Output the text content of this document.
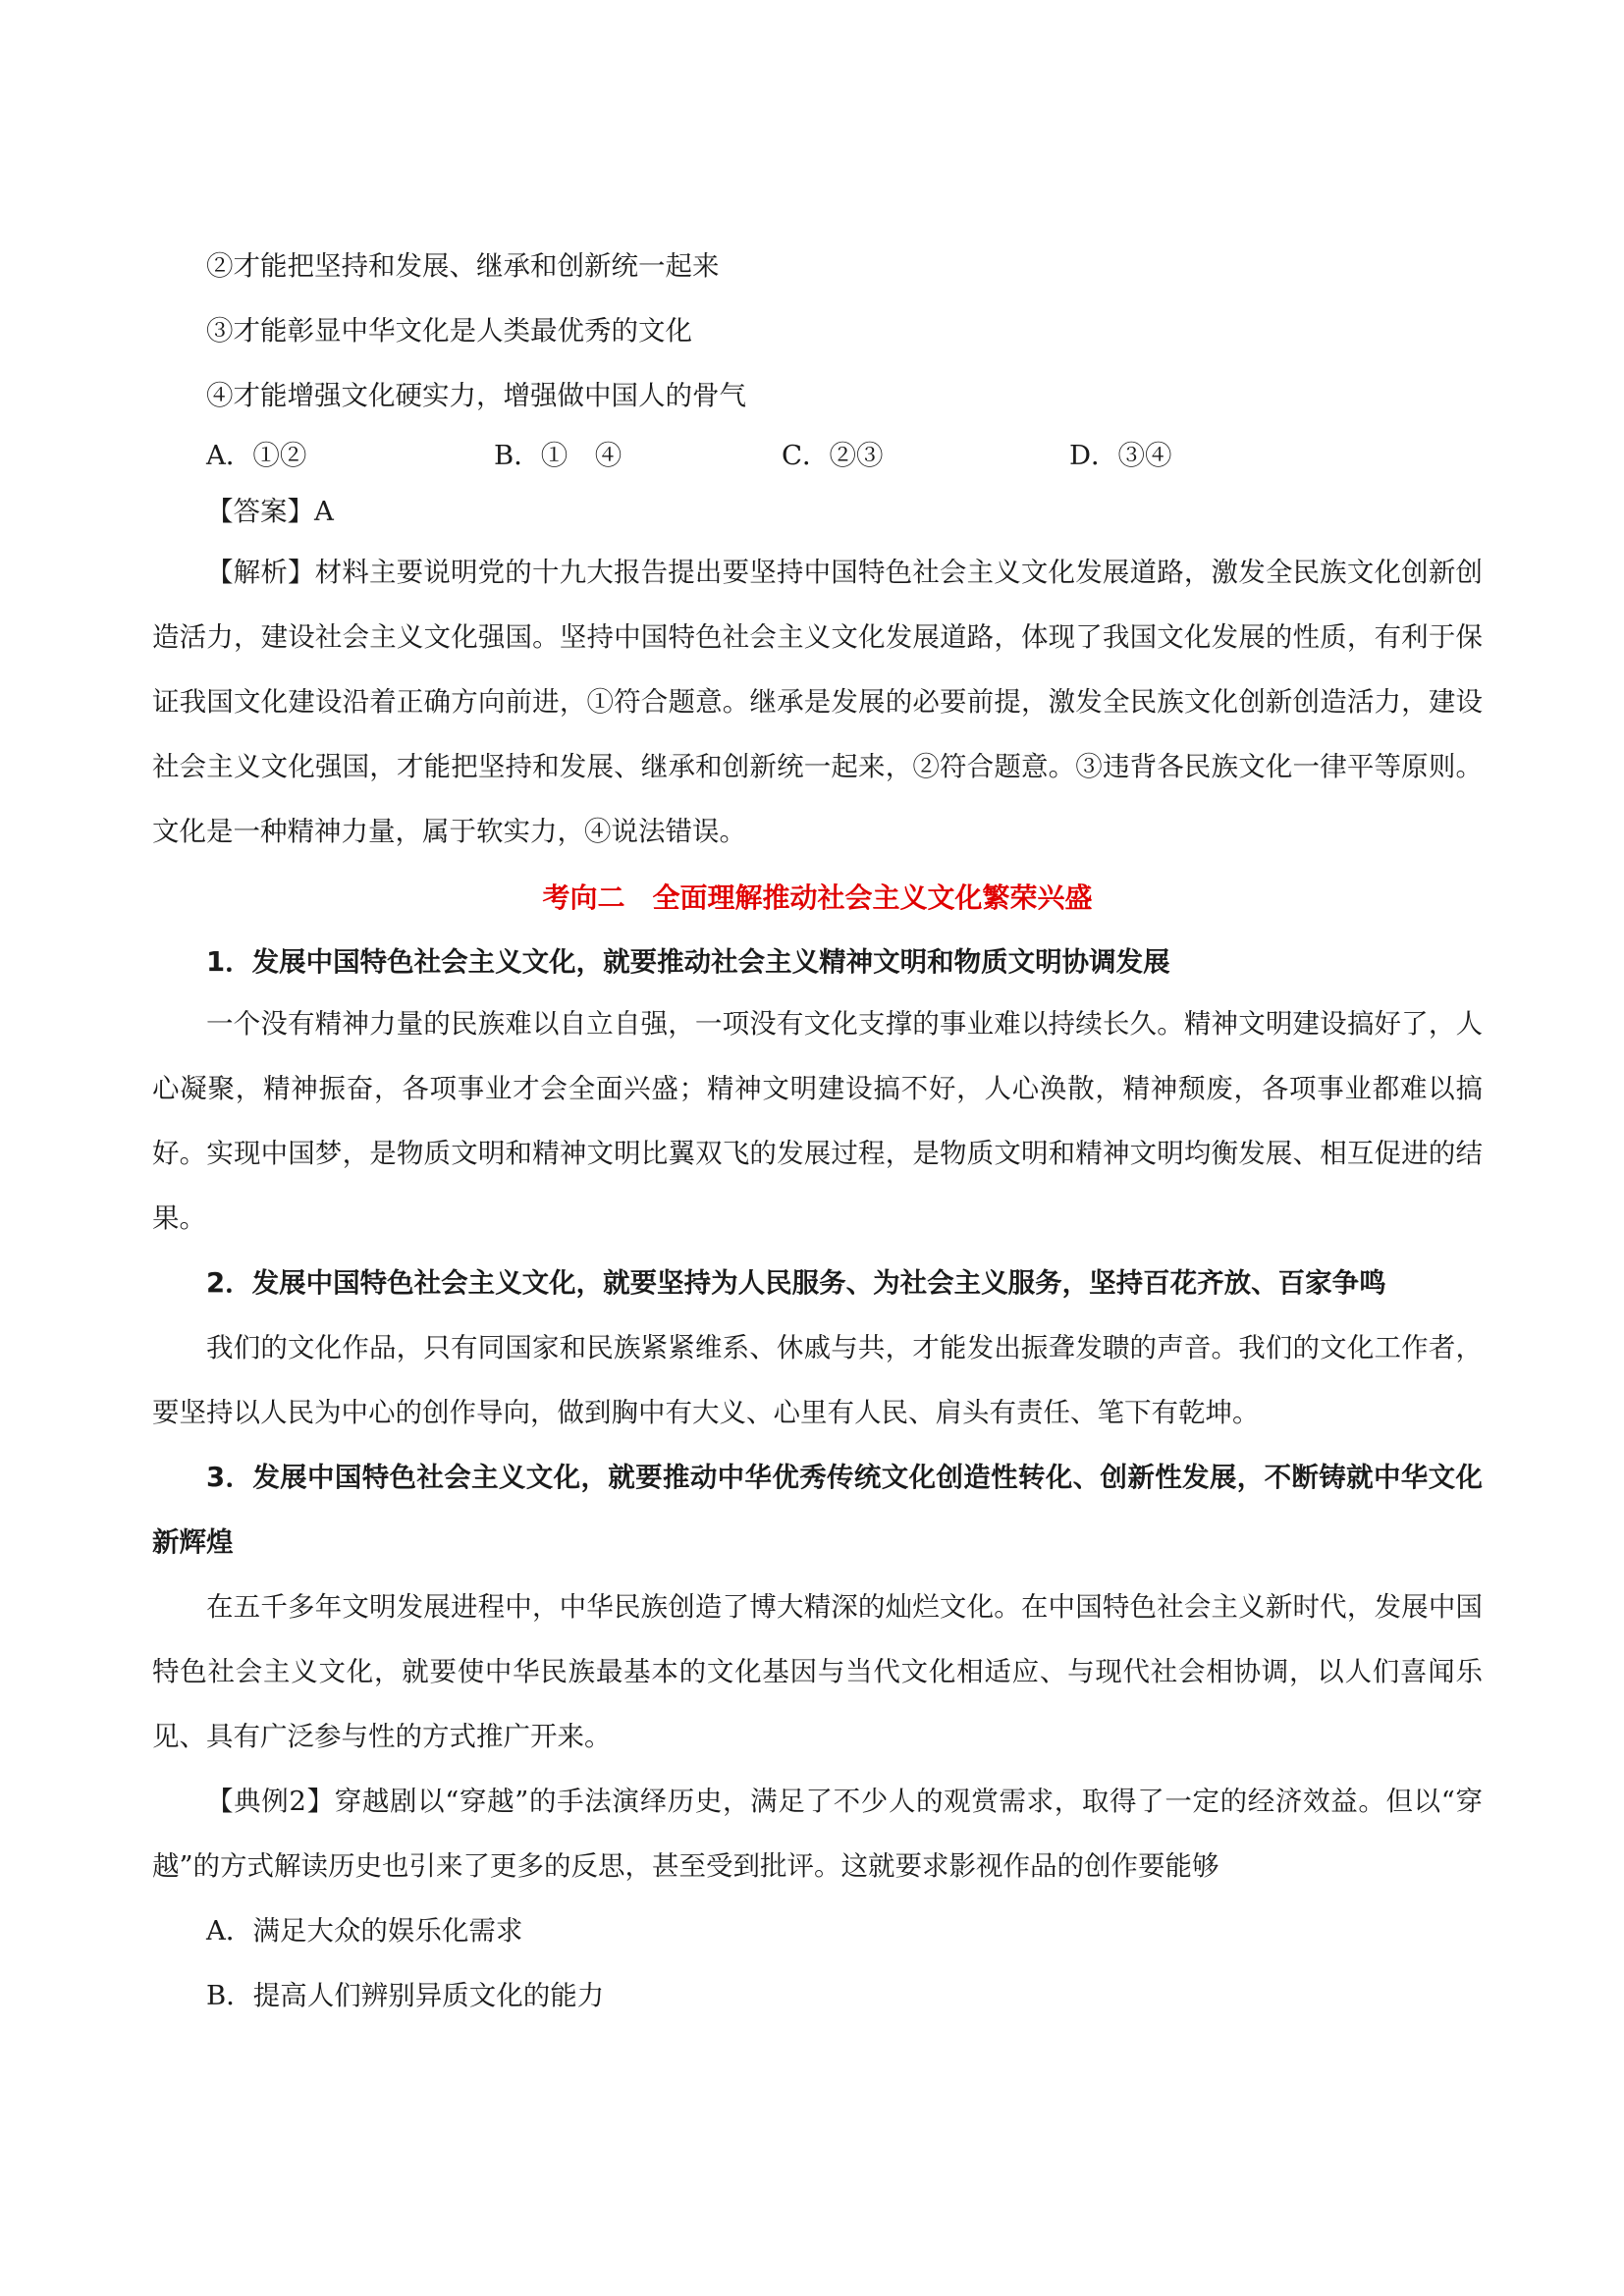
②才能把坚持和发展、继承和创新统一起来

③才能彰显中华文化是人类最优秀的文化

④才能增强文化硬实力，增强做中国人的骨气

A．①②	B．①　④	C．②③	D．③④

【答案】A

【解析】材料主要说明党的十九大报告提出要坚持中国特色社会主义文化发展道路，激发全民族文化创新创造活力，建设社会主义文化强国。坚持中国特色社会主义文化发展道路，体现了我国文化发展的性质，有利于保证我国文化建设沿着正确方向前进，①符合题意。继承是发展的必要前提，激发全民族文化创新创造活力，建设社会主义文化强国，才能把坚持和发展、继承和创新统一起来，②符合题意。③违背各民族文化一律平等原则。文化是一种精神力量，属于软实力，④说法错误。

考向二　全面理解推动社会主义文化繁荣兴盛

1．发展中国特色社会主义文化，就要推动社会主义精神文明和物质文明协调发展

一个没有精神力量的民族难以自立自强，一项没有文化支撑的事业难以持续长久。精神文明建设搞好了，人心凝聚，精神振奋，各项事业才会全面兴盛；精神文明建设搞不好，人心涣散，精神颓废，各项事业都难以搞好。实现中国梦，是物质文明和精神文明比翼双飞的发展过程，是物质文明和精神文明均衡发展、相互促进的结果。

2．发展中国特色社会主义文化，就要坚持为人民服务、为社会主义服务，坚持百花齐放、百家争鸣

我们的文化作品，只有同国家和民族紧紧维系、休戚与共，才能发出振聋发聩的声音。我们的文化工作者，要坚持以人民为中心的创作导向，做到胸中有大义、心里有人民、肩头有责任、笔下有乾坤。

3．发展中国特色社会主义文化，就要推动中华优秀传统文化创造性转化、创新性发展，不断铸就中华文化新辉煌

在五千多年文明发展进程中，中华民族创造了博大精深的灿烂文化。在中国特色社会主义新时代，发展中国特色社会主义文化，就要使中华民族最基本的文化基因与当代文化相适应、与现代社会相协调，以人们喜闻乐见、具有广泛参与性的方式推广开来。

【典例2】穿越剧以“穿越”的手法演绎历史，满足了不少人的观赏需求，取得了一定的经济效益。但以“穿越”的方式解读历史也引来了更多的反思，甚至受到批评。这就要求影视作品的创作要能够

A．满足大众的娱乐化需求

B．提高人们辨别异质文化的能力
